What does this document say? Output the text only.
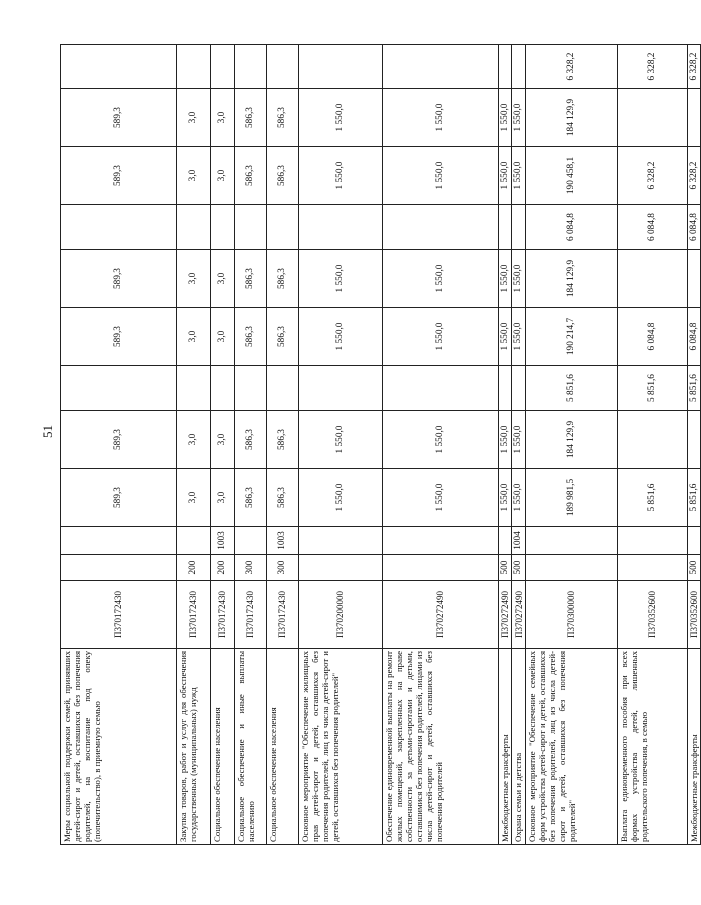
51
Меры социальной поддержки семей, принявших детей-сирот и детей, оставшихся без попечения родителей, на воспитание под опеку (попечительство), в приемную семью	П370172430			589,3	589,3		589,3	589,3		589,3	589,3	
Закупка товаров, работ и услуг для обеспечения государственных (муниципальных) нужд	П370172430	200		3,0	3,0		3,0	3,0		3,0	3,0	
Социальное обеспечение населения	П370172430	200	1003	3,0	3,0		3,0	3,0		3,0	3,0	
Социальное обеспечение и иные выплаты населению	П370172430	300		586,3	586,3		586,3	586,3		586,3	586,3	
Социальное обеспечение населения	П370172430	300	1003	586,3	586,3		586,3	586,3		586,3	586,3	
Основное мероприятие "Обеспечение жилищных прав детей-сирот и детей, оставшихся без попечения родителей, лиц из числа детей-сирот и детей, оставшихся без попечения родителей"	П370200000			1 550,0	1 550,0		1 550,0	1 550,0		1 550,0	1 550,0	
Обеспечение единовременной выплаты на ремонт жилых помещений, закрепленных на праве собственности за детьми-сиротами и детьми, оставшимися без попечения родителей, лицами из числа детей-сирот и детей, оставшихся без попечения родителей	П370272490			1 550,0	1 550,0		1 550,0	1 550,0		1 550,0	1 550,0	
Межбюджетные трансферты	П370272490	500		1 550,0	1 550,0		1 550,0	1 550,0		1 550,0	1 550,0	
Охрана семьи и детства	П370272490	500	1004	1 550,0	1 550,0		1 550,0	1 550,0		1 550,0	1 550,0	
Основное мероприятие "Обеспечение семейных форм устройства детей-сирот и детей, оставшихся без попечения родителей, лиц из числа детей-сирот и детей, оставшихся без попечения родителей"	П370300000			189 981,5	184 129,9	5 851,6	190 214,7	184 129,9	6 084,8	190 458,1	184 129,9	6 328,2
Выплата единовременного пособия при всех формах устройства детей, лишенных родительского попечения, в семью	П370352600			5 851,6		5 851,6	6 084,8		6 084,8	6 328,2		6 328,2
Межбюджетные трансферты	П370352600	500		5 851,6		5 851,6	6 084,8		6 084,8	6 328,2		6 328,2
